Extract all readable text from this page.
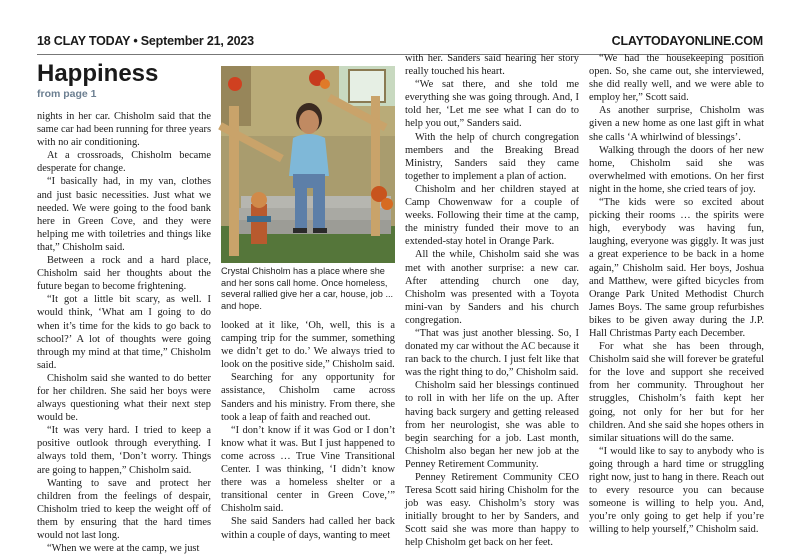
18 CLAY TODAY • September 21, 2023	CLAYTODAYONLINE.COM
Happiness
from page 1

nights in her car. Chisholm said that the same car had been running for three years with no air conditioning.

At a crossroads, Chisholm became desperate for change.

“I basically had, in my van, clothes and just basic necessities. Just what we needed. We were going to the food bank here in Green Cove, and they were helping me with toiletries and things like that,” Chisholm said.

Between a rock and a hard place, Chisholm said her thoughts about the future began to become frightening.

“It got a little bit scary, as well. I would think, ‘What am I going to do when it’s time for the kids to go back to school?’ A lot of thoughts were going through my mind at that time,” Chisholm said.

Chisholm said she wanted to do better for her children. She said her boys were always questioning what their next step would be.

“It was very hard. I tried to keep a positive outlook through everything. I always told them, ‘Don’t worry. Things are going to happen,” Chisholm said.

Wanting to save and protect her children from the feelings of despair, Chisholm tried to keep the weight off of them by ensuring that the hard times would not last long.

“When we were at the camp, we just

Crystal Chisholm has a place where she and her sons call home. Once homeless, several rallied give her a car, house, job ... and hope.

looked at it like, ‘Oh, well, this is a camping trip for the summer, something we didn’t get to do.’ We always tried to look on the positive side,” Chisholm said.

Searching for any opportunity for assistance, Chisholm came across Sanders and his ministry. From there, she took a leap of faith and reached out.

“I don’t know if it was God or I don’t know what it was. But I just happened to come across … True Vine Transitional Center. I was thinking, ‘I didn’t know there was a homeless shelter or a transitional center in Green Cove,’” Chisholm said.

She said Sanders had called her back within a couple of days, wanting to meet

with her. Sanders said hearing her story really touched his heart.

“We sat there, and she told me everything she was going through. And, I told her, ‘Let me see what I can do to help you out,” Sanders said.

With the help of church congregation members and the Breaking Bread Ministry, Sanders said they came together to implement a plan of action.

Chisholm and her children stayed at Camp Chowenwaw for a couple of weeks. Following their time at the camp, the ministry funded their move to an extended-stay hotel in Orange Park.

All the while, Chisholm said she was met with another surprise: a new car. After attending church one day, Chisholm was presented with a Toyota mini-van by Sanders and his church congregation.

“That was just another blessing. So, I donated my car without the AC because it ran back to the church. I just felt like that was the right thing to do,” Chisholm said.

Chisholm said her blessings continued to roll in with her life on the up. After having back surgery and getting released from her neurologist, she was able to begin searching for a job. Last month, Chisholm also began her new job at the Penney Retirement Community.

Penney Retirement Community CEO Teresa Scott said hiring Chisholm for the job was easy. Chisholm’s story was initially brought to her by Sanders, and Scott said she was more than happy to help Chisholm get back on her feet.

“We had the housekeeping position open. So, she came out, she interviewed, she did really well, and we were able to employ her,” Scott said.

As another surprise, Chisholm was given a new home as one last gift in what she calls ‘A whirlwind of blessings’.

Walking through the doors of her new home, Chisholm said she was overwhelmed with emotions. On her first night in the home, she cried tears of joy.

“The kids were so excited about picking their rooms … the spirits were high, everybody was having fun, laughing, everyone was giggly. It was just a great experience to be back in a home again,” Chisholm said. Her boys, Joshua and Matthew, were gifted bicycles from Orange Park United Methodist Church James Boys. The same group refurbishes bikes to be given away during the J.P. Hall Christmas Party each December.

For what she has been through, Chisholm said she will forever be grateful for the love and support she received from her community. Throughout her struggles, Chisholm’s faith kept her going, not only for her but for her children. And she said she hopes others in similar situations will do the same.

“I would like to say to anybody who is going through a hard time or struggling right now, just to hang in there. Reach out to every resource you can because someone is willing to help you. And, you’re only going to get help if you’re willing to help yourself,” Chisholm said.
